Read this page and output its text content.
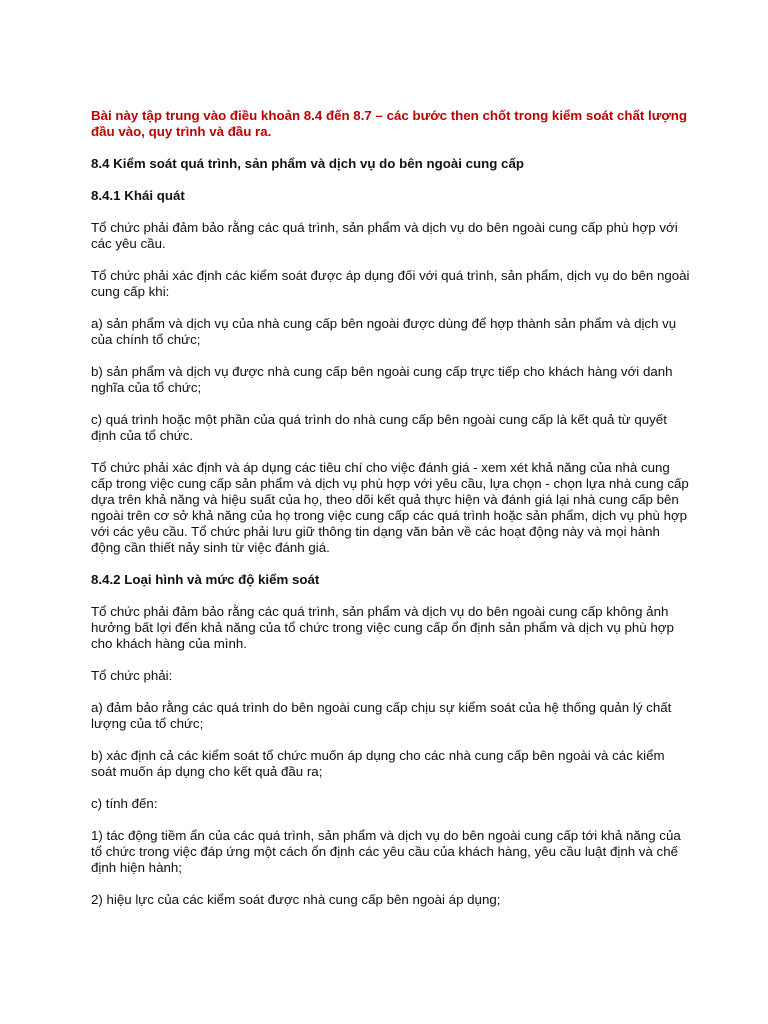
Bài này tập trung vào điều khoản 8.4 đến 8.7 – các bước then chốt trong kiểm soát chất lượng đầu vào, quy trình và đầu ra.

8.4 Kiểm soát quá trình, sản phẩm và dịch vụ do bên ngoài cung cấp

8.4.1 Khái quát

Tổ chức phải đảm bảo rằng các quá trình, sản phẩm và dịch vụ do bên ngoài cung cấp phù hợp với các yêu cầu.

Tổ chức phải xác định các kiểm soát được áp dụng đối với quá trình, sản phẩm, dịch vụ do bên ngoài cung cấp khi:

a) sản phẩm và dịch vụ của nhà cung cấp bên ngoài được dùng để hợp thành sản phẩm và dịch vụ của chính tổ chức;

b) sản phẩm và dịch vụ được nhà cung cấp bên ngoài cung cấp trực tiếp cho khách hàng với danh nghĩa của tổ chức;

c) quá trình hoặc một phần của quá trình do nhà cung cấp bên ngoài cung cấp là kết quả từ quyết định của tổ chức.

Tổ chức phải xác định và áp dụng các tiêu chí cho việc đánh giá - xem xét khả năng của nhà cung cấp trong việc cung cấp sản phẩm và dịch vụ phù hợp với yêu cầu, lựa chọn - chọn lựa nhà cung cấp dựa trên khả năng và hiệu suất của họ, theo dõi kết quả thực hiện và đánh giá lại nhà cung cấp bên ngoài trên cơ sở khả năng của họ trong việc cung cấp các quá trình hoặc sản phẩm, dịch vụ phù hợp với các yêu cầu. Tổ chức phải lưu giữ thông tin dạng văn bản về các hoạt động này và mọi hành động cần thiết nảy sinh từ việc đánh giá.

8.4.2 Loại hình và mức độ kiểm soát

Tổ chức phải đảm bảo rằng các quá trình, sản phẩm và dịch vụ do bên ngoài cung cấp không ảnh hưởng bất lợi đến khả năng của tổ chức trong việc cung cấp ổn định sản phẩm và dịch vụ phù hợp cho khách hàng của mình.

Tổ chức phải:

a) đảm bảo rằng các quá trình do bên ngoài cung cấp chịu sự kiểm soát của hệ thống quản lý chất lượng của tổ chức;

b) xác định cả các kiểm soát tổ chức muốn áp dụng cho các nhà cung cấp bên ngoài và các kiểm soát muốn áp dụng cho kết quả đầu ra;

c) tính đến:

1) tác động tiềm ẩn của các quá trình, sản phẩm và dịch vụ do bên ngoài cung cấp tới khả năng của tổ chức trong việc đáp ứng một cách ổn định các yêu cầu của khách hàng, yêu cầu luật định và chế định hiện hành;

2) hiệu lực của các kiểm soát được nhà cung cấp bên ngoài áp dụng;
